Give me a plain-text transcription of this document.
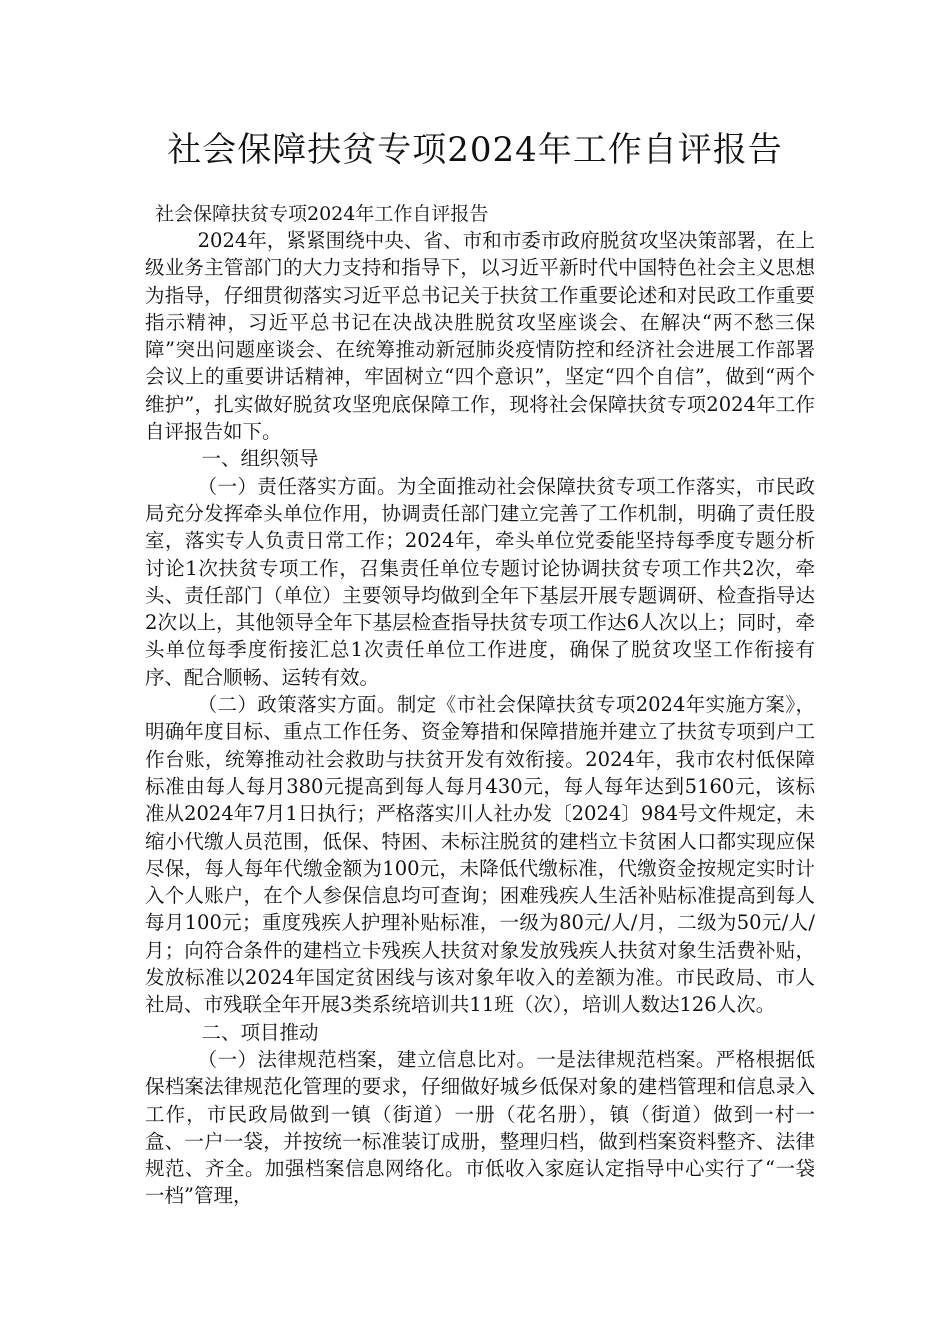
社会保障扶贫专项2024年工作自评报告
社会保障扶贫专项2024年工作自评报告

2024年，紧紧围绕中央、省、市和市委市政府脱贫攻坚决策部署，在上级业务主管部门的大力支持和指导下，以习近平新时代中国特色社会主义思想为指导，仔细贯彻落实习近平总书记关于扶贫工作重要论述和对民政工作重要指示精神，习近平总书记在决战决胜脱贫攻坚座谈会、在解决“两不愁三保障”突出问题座谈会、在统筹推动新冠肺炎疫情防控和经济社会进展工作部署会议上的重要讲话精神，牢固树立“四个意识”，坚定“四个自信”，做到“两个维护”，扎实做好脱贫攻坚兜底保障工作，现将社会保障扶贫专项2024年工作自评报告如下。

一、组织领导

（一）责任落实方面。为全面推动社会保障扶贫专项工作落实，市民政局充分发挥牵头单位作用，协调责任部门建立完善了工作机制，明确了责任股室，落实专人负责日常工作；2024年，牵头单位党委能坚持每季度专题分析讨论1次扶贫专项工作，召集责任单位专题讨论协调扶贫专项工作共2次，牵头、责任部门（单位）主要领导均做到全年下基层开展专题调研、检查指导达2次以上，其他领导全年下基层检查指导扶贫专项工作达6人次以上；同时，牵头单位每季度衔接汇总1次责任单位工作进度，确保了脱贫攻坚工作衔接有序、配合顺畅、运转有效。

（二）政策落实方面。制定《市社会保障扶贫专项2024年实施方案》，明确年度目标、重点工作任务、资金筹措和保障措施并建立了扶贫专项到户工作台账，统筹推动社会救助与扶贫开发有效衔接。2024年，我市农村低保障标准由每人每月380元提高到每人每月430元，每人每年达到5160元，该标准从2024年7月1日执行；严格落实川人社办发〔2024〕984号文件规定，未缩小代缴人员范围，低保、特困、未标注脱贫的建档立卡贫困人口都实现应保尽保，每人每年代缴金额为100元，未降低代缴标准，代缴资金按规定实时计入个人账户，在个人参保信息均可查询；困难残疾人生活补贴标准提高到每人每月100元；重度残疾人护理补贴标准，一级为80元/人/月，二级为50元/人/月；向符合条件的建档立卡残疾人扶贫对象发放残疾人扶贫对象生活费补贴，发放标准以2024年国定贫困线与该对象年收入的差额为准。市民政局、市人社局、市残联全年开展3类系统培训共11班（次），培训人数达126人次。

二、项目推动

（一）法律规范档案，建立信息比对。一是法律规范档案。严格根据低保档案法律规范化管理的要求，仔细做好城乡低保对象的建档管理和信息录入工作，市民政局做到一镇（街道）一册（花名册），镇（街道）做到一村一盒、一户一袋，并按统一标准装订成册，整理归档，做到档案资料整齐、法律规范、齐全。加强档案信息网络化。市低收入家庭认定指导中心实行了“一袋一档”管理，
